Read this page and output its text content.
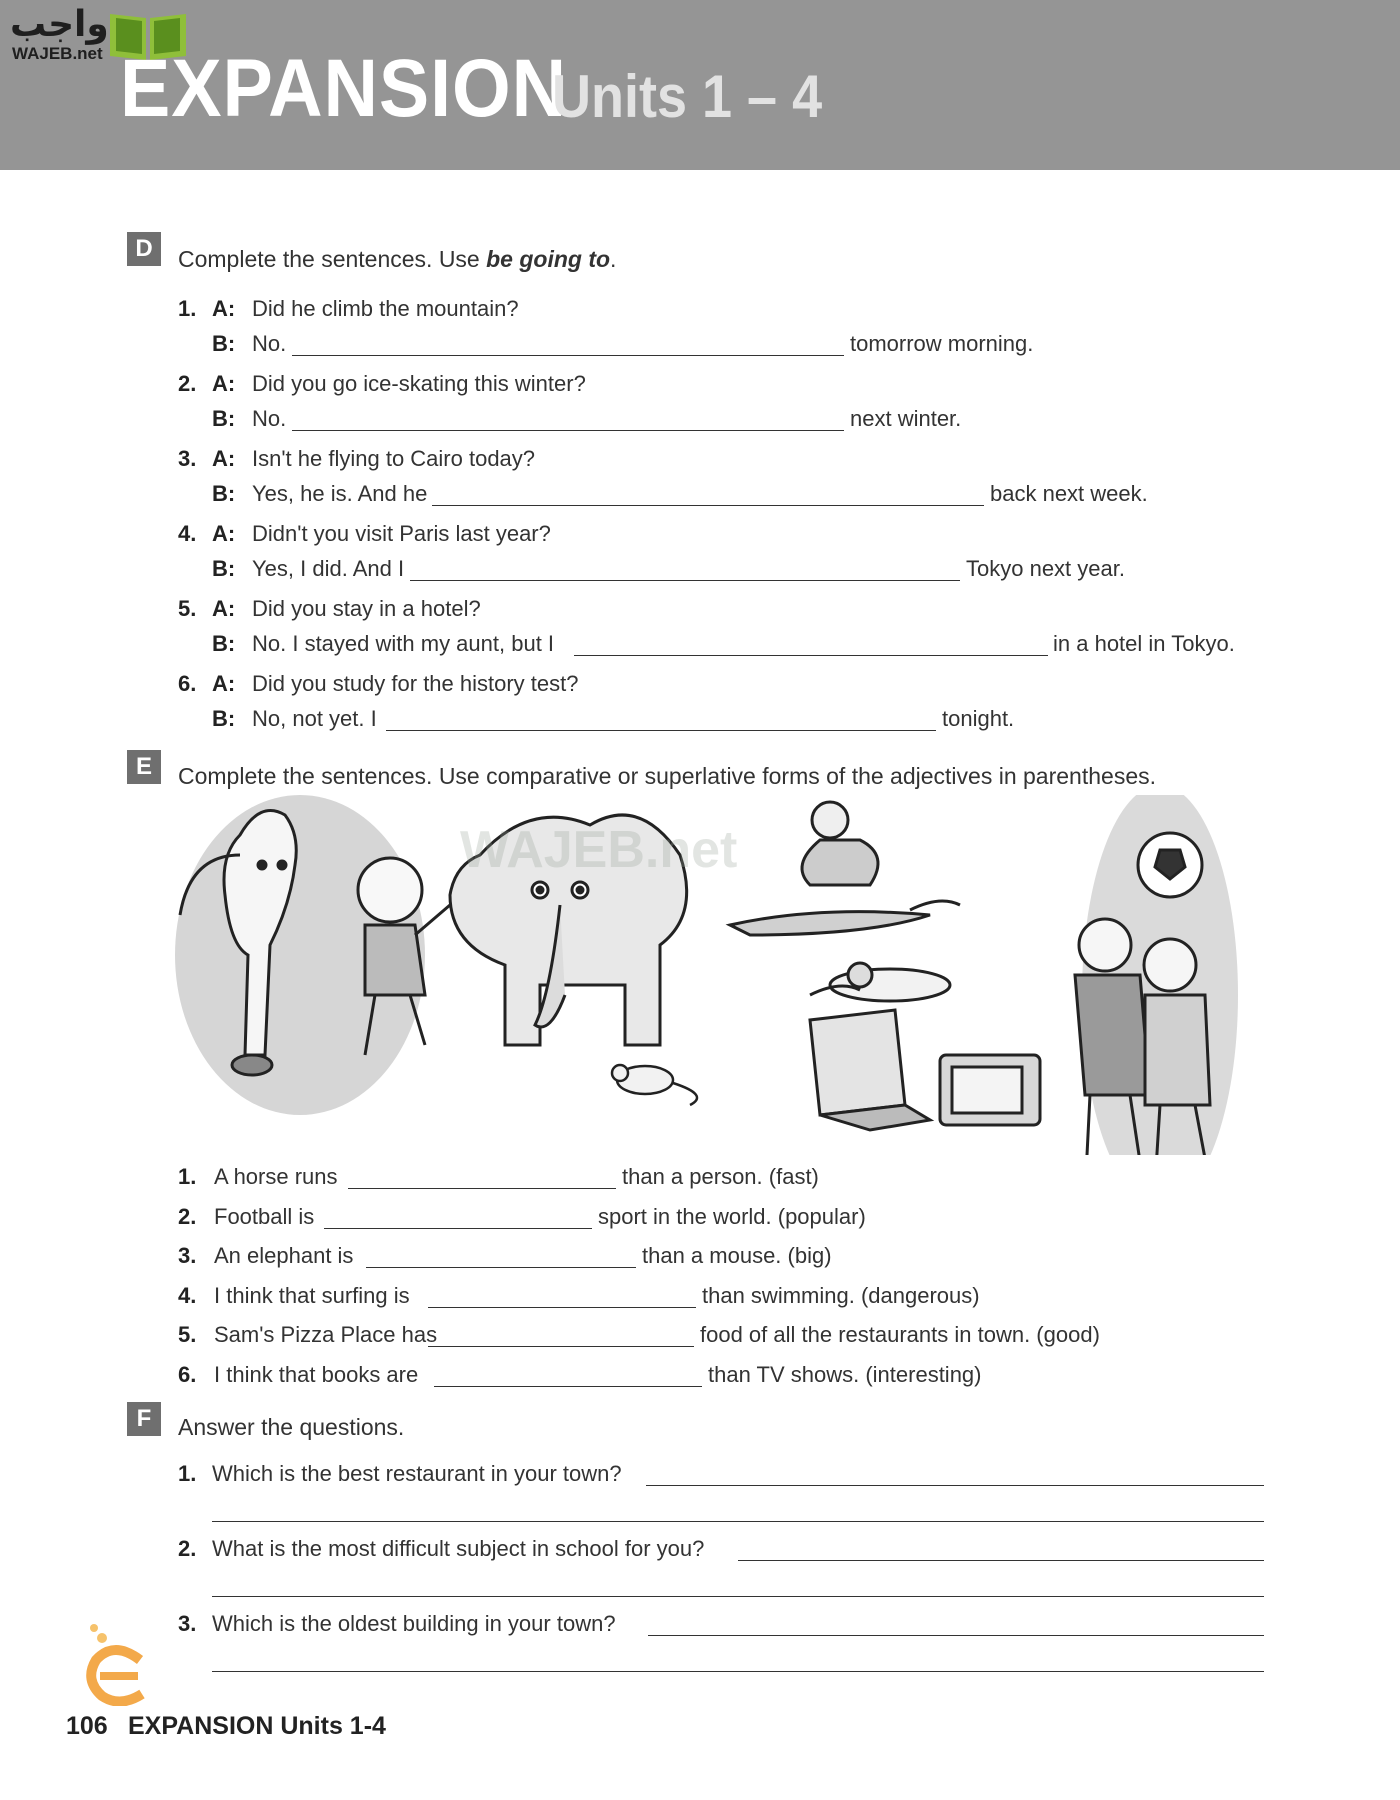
واجب
WAJEB.net EXPANSION
Units 1 – 4
D	Complete the sentences. Use be going to.
1. A: Did he climb the mountain?
B: No.	tomorrow morning.
2. A: Did you go ice-skating this winter?
B: No.	next winter.
3. A: Isn't he flying to Cairo today?
B: Yes, he is. And he	back next week.
4. A: Didn't you visit Paris last year?
B: Yes, I did. And I	Tokyo next year.
5. A: Did you stay in a hotel?
B: No. I stayed with my aunt, but I	in a hotel in Tokyo.
6. A: Did you study for the history test?
B: No, not yet. I	tonight.
E	Complete the sentences. Use comparative or superlative forms of the adjectives in parentheses.
WAJEB.net
1. A horse runs	than a person. (fast)
2. Football is	sport in the world. (popular)
3. An elephant is	than a mouse. (big)
4. I think that surfing is	than swimming. (dangerous)
5. Sam's Pizza Place has	food of all the restaurants in town. (good)
6. I think that books are	than TV shows. (interesting)
F	Answer the questions.
1. Which is the best restaurant in your town?
2. What is the most difficult subject in school for you?
3. Which is the oldest building in your town?
106 EXPANSION Units 1-4
